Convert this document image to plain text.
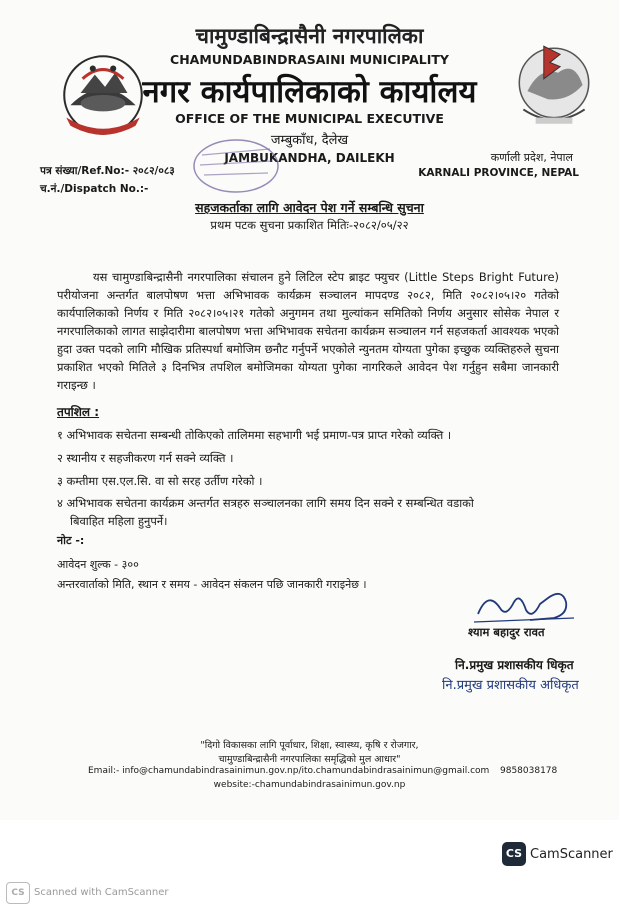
चामुण्डाबिन्द्रासैनी नगरपालिका
CHAMUNDABINDRASAINI MUNICIPALITY
नगर कार्यपालिकाको कार्यालय
OFFICE OF THE MUNICIPAL EXECUTIVE
जम्बुकाँध, दैलेख
JAMBUKANDHA, DAILEKH
पत्र संख्या/Ref.No:- २०८२/०८३
च.नं./Dispatch No.:-
कर्णाली प्रदेश, नेपाल
KARNALI PROVINCE, NEPAL
सहजकर्ताका लागि आवेदन पेश गर्ने सम्बन्धि सुचना
प्रथम पटक सुचना प्रकाशित मितिः-२०८२/०५/२२
यस चामुण्डाबिन्द्रासैनी नगरपालिका संचालन हुने लिटिल स्टेप ब्राइट फ्युचर (Little Steps Bright Future) परीयोजना अन्तर्गत बालपोषण भत्ता अभिभावक कार्यक्रम सञ्चालन मापदण्ड २०८२, मिति २०८२।०५।२० गतेको कार्यपालिकाको निर्णय र मिति २०८२।०५।२१ गतेको अनुगमन तथा मुल्यांकन समितिको निर्णय अनुसार सोसेक नेपाल र नगरपालिकाको लागत साझेदारीमा बालपोषण भत्ता अभिभावक सचेतना कार्यक्रम सञ्चालन गर्न सहजकर्ता आवश्यक भएको हुदा उक्त पदको लागि मौखिक प्रतिस्पर्धा बमोजिम छनौट गर्नुपर्ने भएकोले न्युनतम योग्यता पुगेका इच्छुक व्यक्तिहरुले सुचना प्रकाशित भएको मितिले ३ दिनभित्र तपशिल बमोजिमका योग्यता पुगेका नागरिकले आवेदन पेश गर्नुहुन सबैमा जानकारी गराइन्छ ।
तपशिल :
१ अभिभावक सचेतना सम्बन्धी तोकिएको तालिममा सहभागी भई प्रमाण-पत्र प्राप्त गरेको व्यक्ति ।
२ स्थानीय र सहजीकरण गर्न सक्ने व्यक्ति ।
३ कम्तीमा एस.एल.सि. वा सो सरह उर्तीण गरेको ।
४ अभिभावक सचेतना कार्यक्रम अन्तर्गत सत्रहरु सञ्चालनका लागि समय दिन सक्ने र सम्बन्धित वडाको
बिवाहित महिला हुनुपर्ने।
नोट -:
आवेदन शुल्क - ३००
अन्तरवार्ताको मिति, स्थान र समय - आवेदन संकलन पछि जानकारी गराइनेछ ।
श्याम बहादुर रावत
नि.प्रमुख प्रशासकीय धिकृत
नि.प्रमुख प्रशासकीय अधिकृत
"दिगो विकासका लागि पूर्वाधार, शिक्षा, स्वास्थ्य, कृषि र रोजगार,
चामुण्डाबिन्द्रासैनी नगरपालिका समृद्धिको मुल आधार"
Email:- info@chamundabindrasainimun.gov.np/ito.chamundabindrasainimun@gmail.com 9858038178
website:-chamundabindrasainimun.gov.np
CS CamScanner
CS Scanned with CamScanner
